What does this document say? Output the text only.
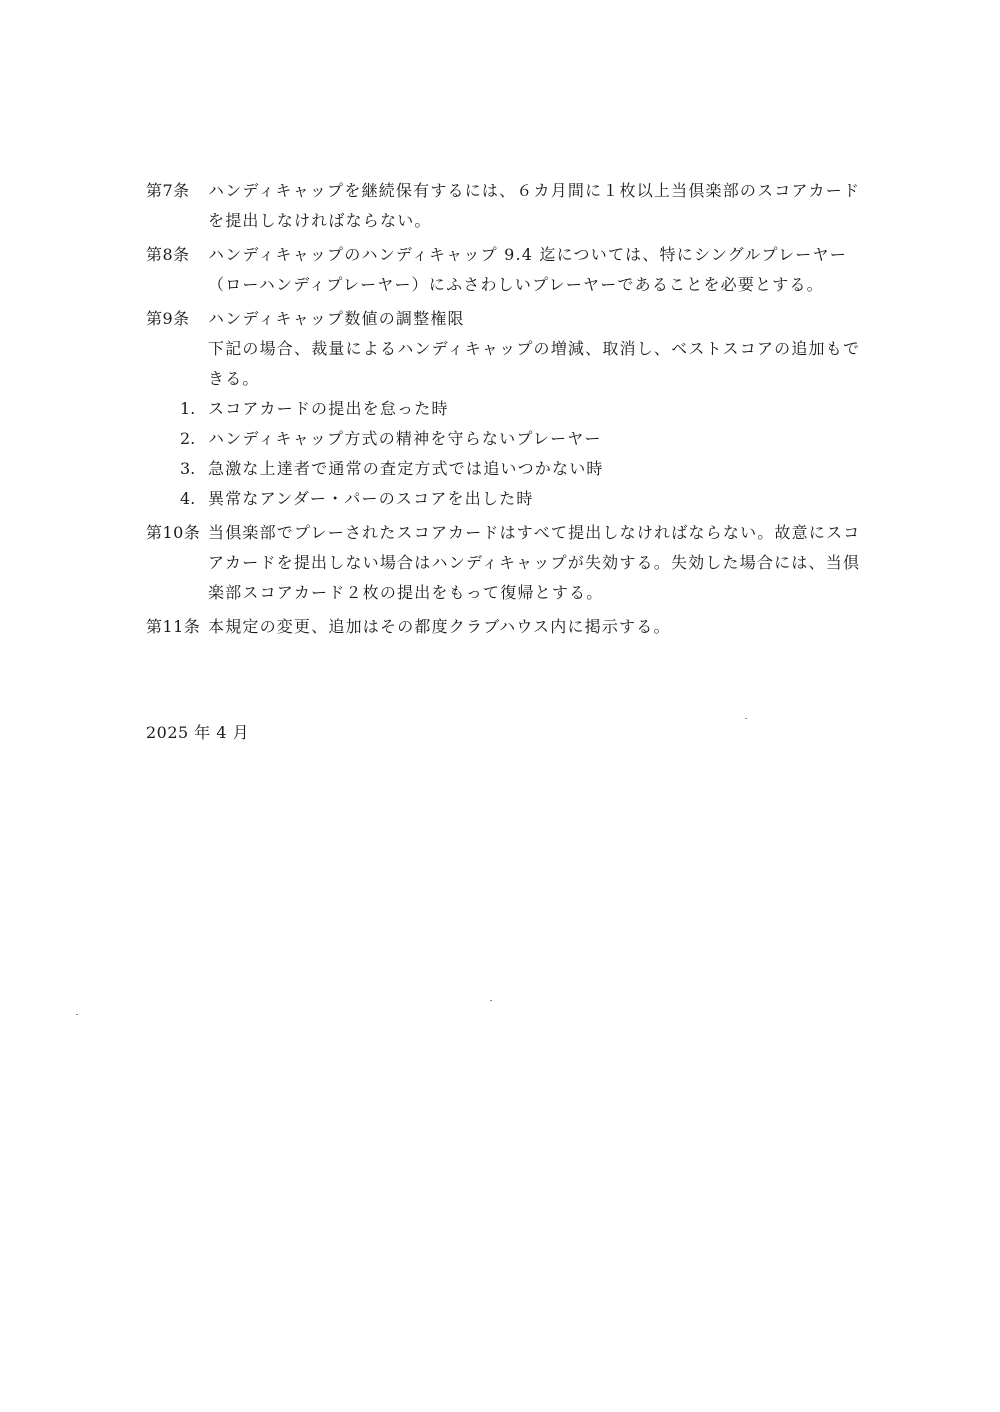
第7条	ハンディキャップを継続保有するには、６カ月間に１枚以上当倶楽部のスコアカードを提出しなければならない。

第8条	ハンディキャップのハンディキャップ 9.4 迄については、特にシングルプレーヤー（ローハンディプレーヤー）にふさわしいプレーヤーであることを必要とする。

第9条	ハンディキャップ数値の調整権限

下記の場合、裁量によるハンディキャップの増減、取消し、ベストスコアの追加もできる。

1. スコアカードの提出を怠った時
2. ハンディキャップ方式の精神を守らないプレーヤー
3. 急激な上達者で通常の査定方式では追いつかない時
4. 異常なアンダー・パーのスコアを出した時
第10条 当倶楽部でプレーされたスコアカードはすべて提出しなければならない。故意にスコアカードを提出しない場合はハンディキャップが失効する。失効した場合には、当倶楽部スコアカード２枚の提出をもって復帰とする。

第11条 本規定の変更、追加はその都度クラブハウス内に掲示する。

2025 年 4 月
